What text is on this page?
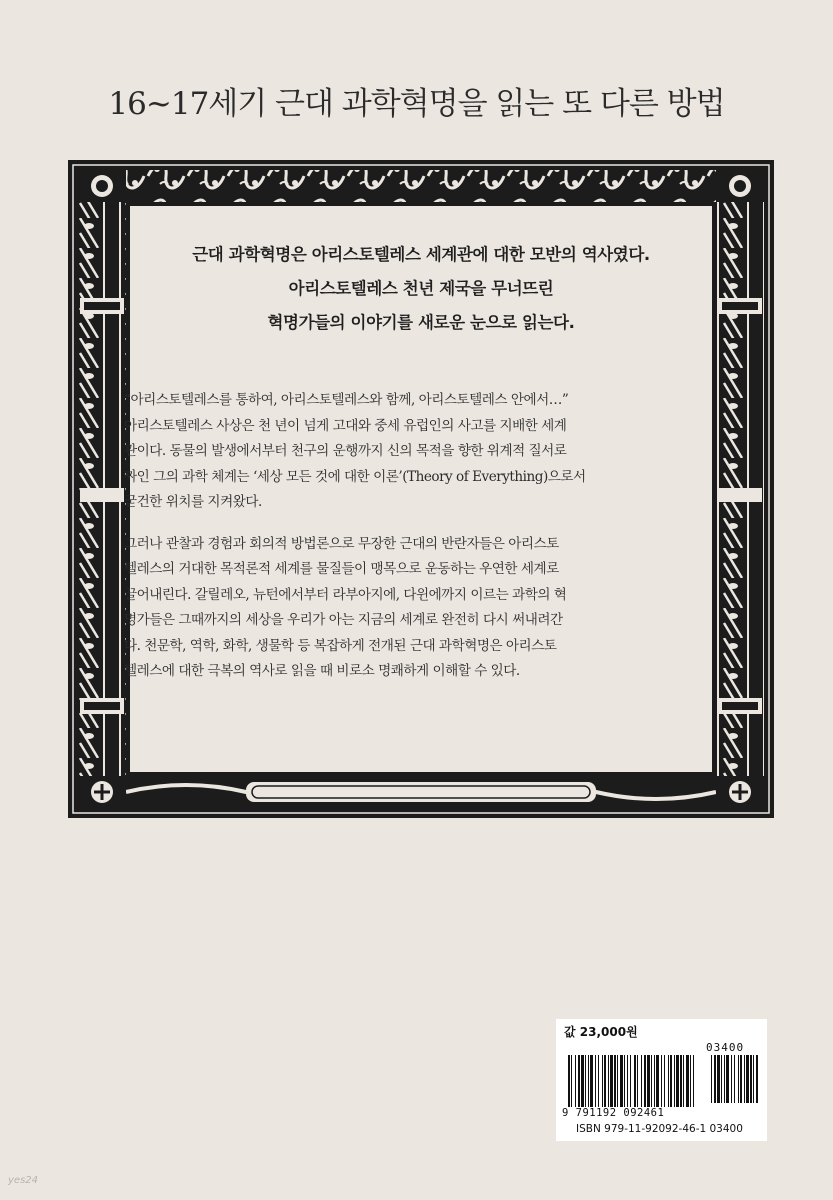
16~17세기 근대 과학혁명을 읽는 또 다른 방법
근대 과학혁명은 아리스토텔레스 세계관에 대한 모반의 역사였다.
아리스토텔레스 천년 제국을 무너뜨린
혁명가들의 이야기를 새로운 눈으로 읽는다.
“아리스토텔레스를 통하여, 아리스토텔레스와 함께, 아리스토텔레스 안에서…”
아리스토텔레스 사상은 천 년이 넘게 고대와 중세 유럽인의 사고를 지배한 세계
관이다. 동물의 발생에서부터 천구의 운행까지 신의 목적을 향한 위계적 질서로
짜인 그의 과학 체계는 ‘세상 모든 것에 대한 이론’(Theory of Everything)으로서
굳건한 위치를 지켜왔다.
그러나 관찰과 경험과 회의적 방법론으로 무장한 근대의 반란자들은 아리스토
텔레스의 거대한 목적론적 세계를 물질들이 맹목으로 운동하는 우연한 세계로
끌어내린다. 갈릴레오, 뉴턴에서부터 라부아지에, 다윈에까지 이르는 과학의 혁
명가들은 그때까지의 세상을 우리가 아는 지금의 세계로 완전히 다시 써내려간
다. 천문학, 역학, 화학, 생물학 등 복잡하게 전개된 근대 과학혁명은 아리스토
텔레스에 대한 극복의 역사로 읽을 때 비로소 명쾌하게 이해할 수 있다.
값 23,000원
03400
9 791192 092461
ISBN 979-11-92092-46-1 03400
yes24
